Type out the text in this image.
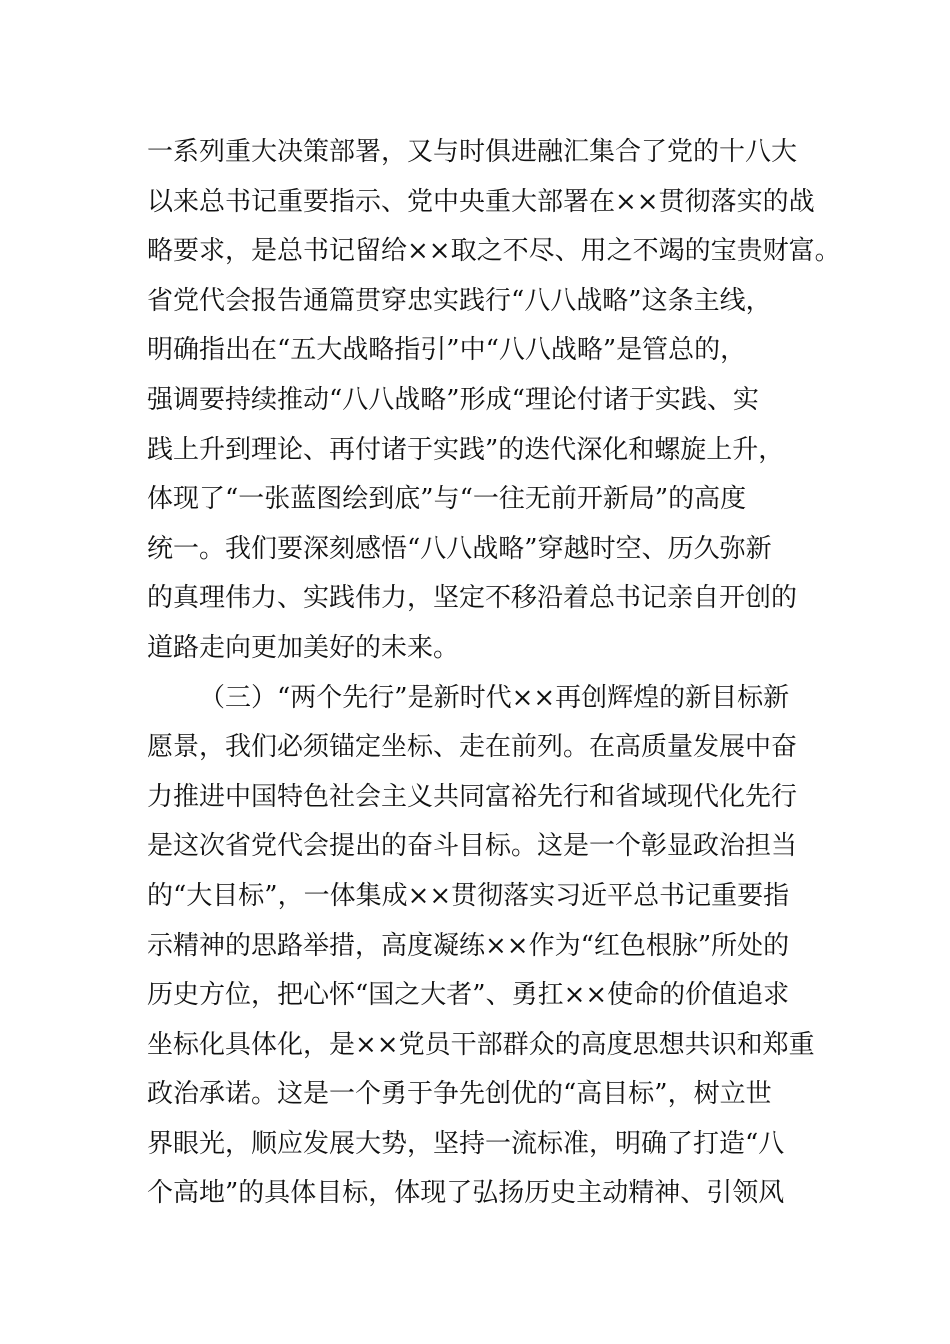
一系列重大决策部署，又与时俱进融汇集合了党的十八大
以来总书记重要指示、党中央重大部署在××贯彻落实的战
略要求，是总书记留给××取之不尽、用之不竭的宝贵财富。
省党代会报告通篇贯穿忠实践行“八八战略”这条主线，
明确指出在“五大战略指引”中“八八战略”是管总的，
强调要持续推动“八八战略”形成“理论付诸于实践、实
践上升到理论、再付诸于实践”的迭代深化和螺旋上升，
体现了“一张蓝图绘到底”与“一往无前开新局”的高度
统一。我们要深刻感悟“八八战略”穿越时空、历久弥新
的真理伟力、实践伟力，坚定不移沿着总书记亲自开创的
道路走向更加美好的未来。
（三）“两个先行”是新时代××再创辉煌的新目标新
愿景，我们必须锚定坐标、走在前列。在高质量发展中奋
力推进中国特色社会主义共同富裕先行和省域现代化先行
是这次省党代会提出的奋斗目标。这是一个彰显政治担当
的“大目标”，一体集成××贯彻落实习近平总书记重要指
示精神的思路举措，高度凝练××作为“红色根脉”所处的
历史方位，把心怀“国之大者”、勇扛××使命的价值追求
坐标化具体化，是××党员干部群众的高度思想共识和郑重
政治承诺。这是一个勇于争先创优的“高目标”，树立世
界眼光，顺应发展大势，坚持一流标准，明确了打造“八
个高地”的具体目标，体现了弘扬历史主动精神、引领风
